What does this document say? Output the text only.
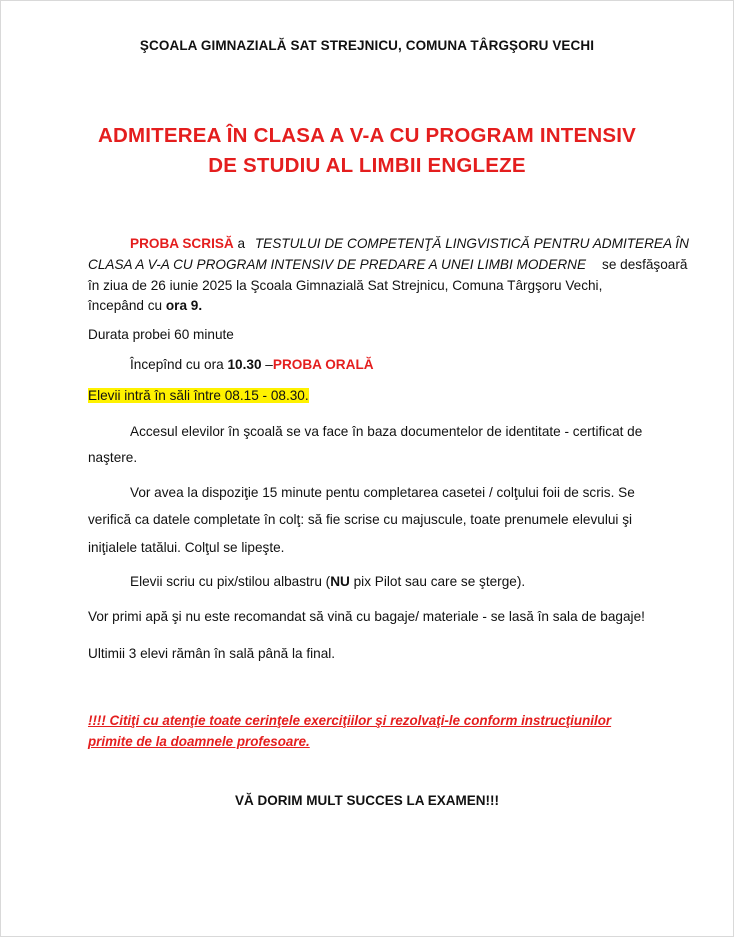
ŞCOALA GIMNAZIALĂ SAT STREJNICU, COMUNA TÂRGŞORU VECHI
ADMITEREA ÎN CLASA A V-A CU PROGRAM INTENSIV
DE STUDIU AL LIMBII ENGLEZE
PROBA SCRISĂ a TESTULUI DE COMPETENŢĂ LINGVISTICĂ PENTRU ADMITEREA ÎN
CLASA A V-A CU PROGRAM INTENSIV DE PREDARE A UNEI LIMBI MODERNE se desfăşoară
în ziua de 26 iunie 2025 la Şcoala Gimnazială Sat Strejnicu, Comuna Târgşoru Vechi,
începând cu ora 9.
Durata probei 60 minute
Începînd cu ora 10.30 –PROBA ORALĂ
Elevii intră în săli între 08.15 - 08.30.
Accesul elevilor în şcoală se va face în baza documentelor de identitate - certificat de
naştere.
Vor avea la dispoziţie 15 minute pentu completarea casetei / colţului foii de scris. Se
verifică ca datele completate în colţ: să fie scrise cu majuscule, toate prenumele elevului şi
iniţialele tatălui. Colţul se lipeşte.
Elevii scriu cu pix/stilou albastru (NU pix Pilot sau care se şterge).
Vor primi apă şi nu este recomandat să vină cu bagaje/ materiale - se lasă în sala de bagaje!
Ultimii 3 elevi rămân în sală până la final.
!!!! Citiţi cu atenţie toate cerinţele exerciţiilor şi rezolvaţi-le conform instrucţiunilor
primite de la doamnele profesoare.
VĂ DORIM MULT SUCCES LA EXAMEN!!!
